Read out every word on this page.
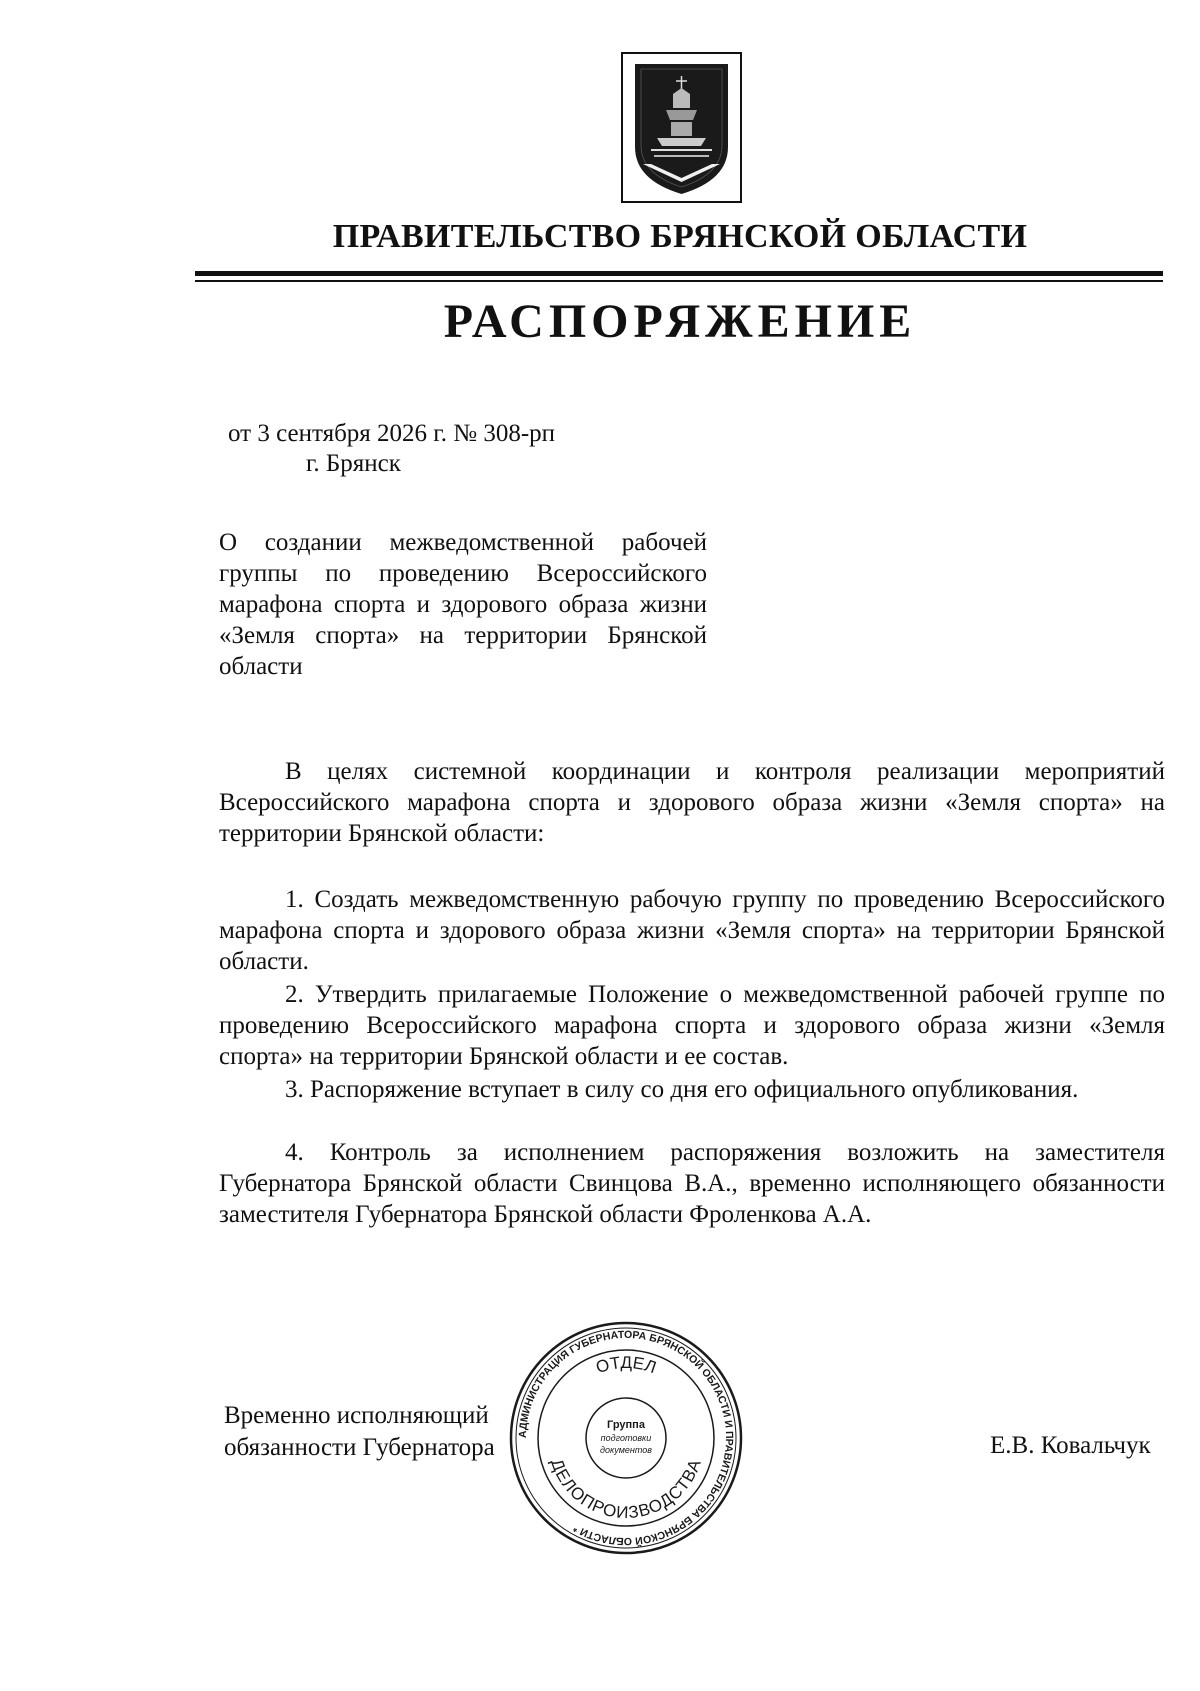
ПРАВИТЕЛЬСТВО БРЯНСКОЙ ОБЛАСТИ
РАСПОРЯЖЕНИЕ
от 3 сентября 2026 г. № 308-рп
г. Брянск
О создании межведомственной рабочей группы по проведению Всероссийского марафона спорта и здорового образа жизни «Земля спорта» на территории Брянской области

В целях системной координации и контроля реализации мероприятий Всероссийского марафона спорта и здорового образа жизни «Земля спорта» на территории Брянской области:

1. Создать межведомственную рабочую группу по проведению Всероссийского марафона спорта и здорового образа жизни «Земля спорта» на территории Брянской области.

2. Утвердить прилагаемые Положение о межведомственной рабочей группе по проведению Всероссийского марафона спорта и здорового образа жизни «Земля спорта» на территории Брянской области и ее состав.

3. Распоряжение вступает в силу со дня его официального опубликования.

4. Контроль за исполнением распоряжения возложить на заместителя Губернатора Брянской области Свинцова В.А., временно исполняющего обязанности заместителя Губернатора Брянской области Фроленкова А.А.

Временно исполняющий
обязанности Губернатора	Е.В. Ковальчук
АДМИНИСТРАЦИЯ ГУБЕРНАТОРА БРЯНСКОЙ ОБЛАСТИ И ПРАВИТЕЛЬСТВА БРЯНСКОЙ ОБЛАСТИ *
ОТДЕЛ
ДЕЛОПРОИЗВОДСТВА
Группа
подготовки
документов
